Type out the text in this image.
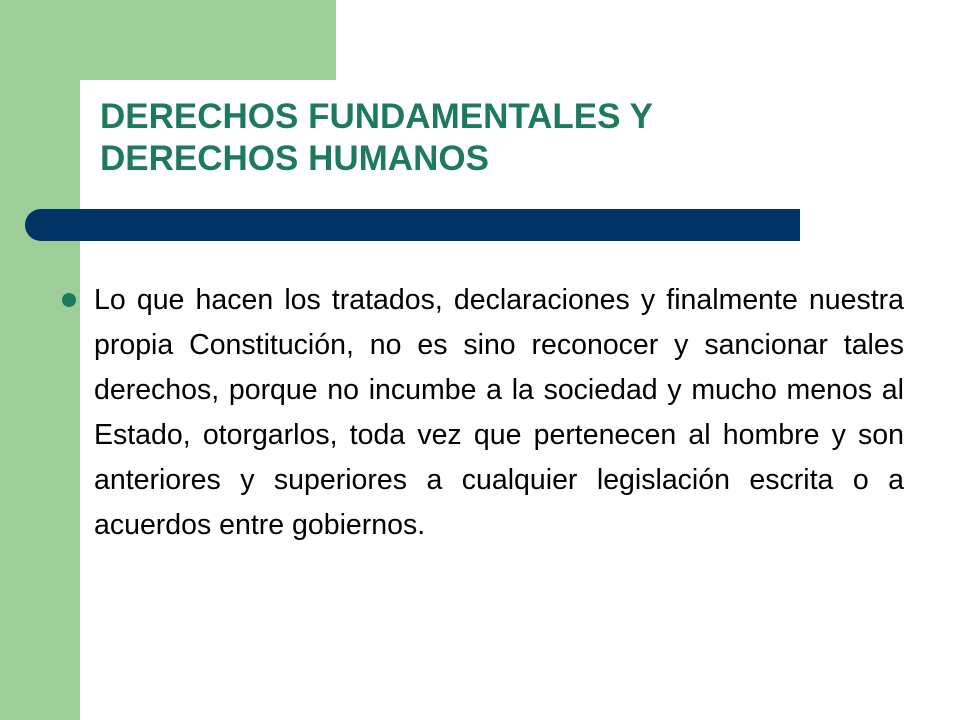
DERECHOS FUNDAMENTALES Y
DERECHOS HUMANOS

Lo que hacen los tratados, declaraciones y finalmente nuestra propia Constitución, no es sino reconocer y sancionar tales derechos, porque no incumbe a la sociedad y mucho menos al Estado, otorgarlos, toda vez que pertenecen al hombre y son anteriores y superiores a cualquier legislación escrita o a acuerdos entre gobiernos.
